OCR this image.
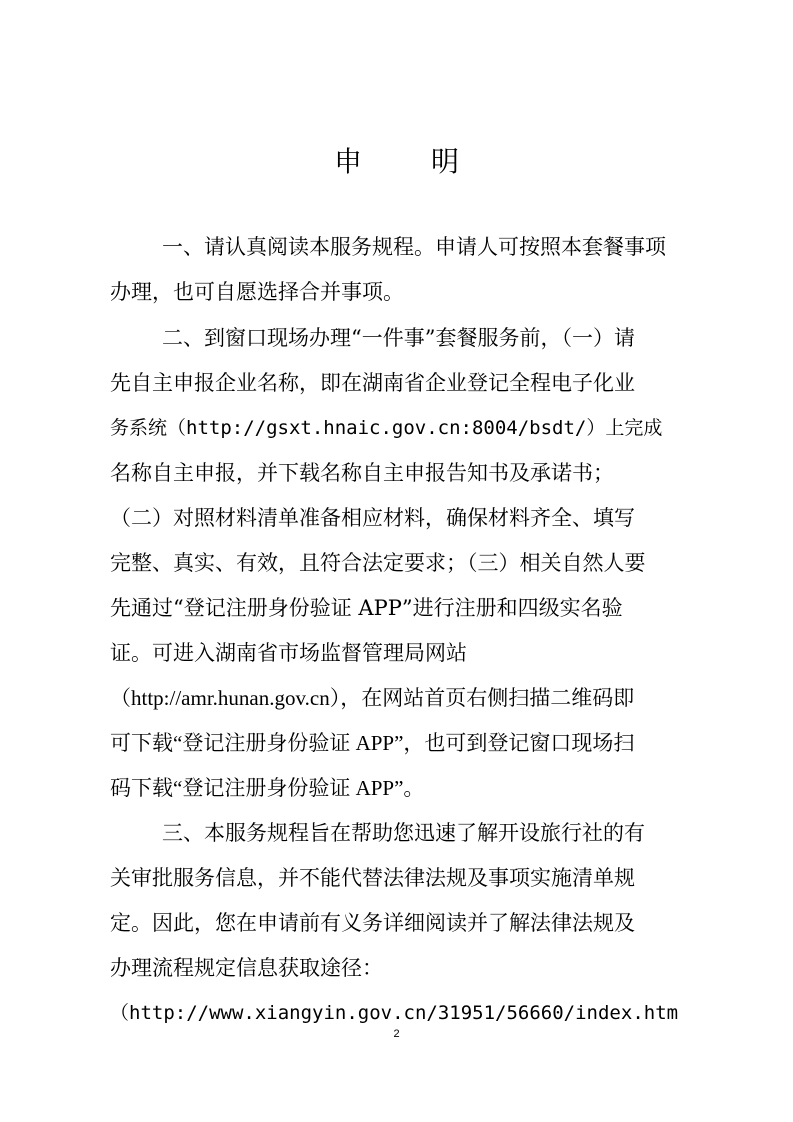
申 明
一、请认真阅读本服务规程。申请人可按照本套餐事项
办理，也可自愿选择合并事项。
二、到窗口现场办理“一件事”套餐服务前，（一）请
先自主申报企业名称，即在湖南省企业登记全程电子化业
务系统（http://gsxt.hnaic.gov.cn:8004/bsdt/）上完成
名称自主申报，并下载名称自主申报告知书及承诺书；
（二）对照材料清单准备相应材料，确保材料齐全、填写
完整、真实、有效，且符合法定要求；（三）相关自然人要
先通过“登记注册身份验证 APP”进行注册和四级实名验
证。可进入湖南省市场监督管理局网站
（http://amr.hunan.gov.cn），在网站首页右侧扫描二维码即
可下载“登记注册身份验证 APP”，也可到登记窗口现场扫
码下载“登记注册身份验证 APP”。
三、本服务规程旨在帮助您迅速了解开设旅行社的有
关审批服务信息，并不能代替法律法规及事项实施清单规
定。因此，您在申请前有义务详细阅读并了解法律法规及
办理流程规定信息获取途径：
（http://www.xiangyin.gov.cn/31951/56660/index.htm
2
